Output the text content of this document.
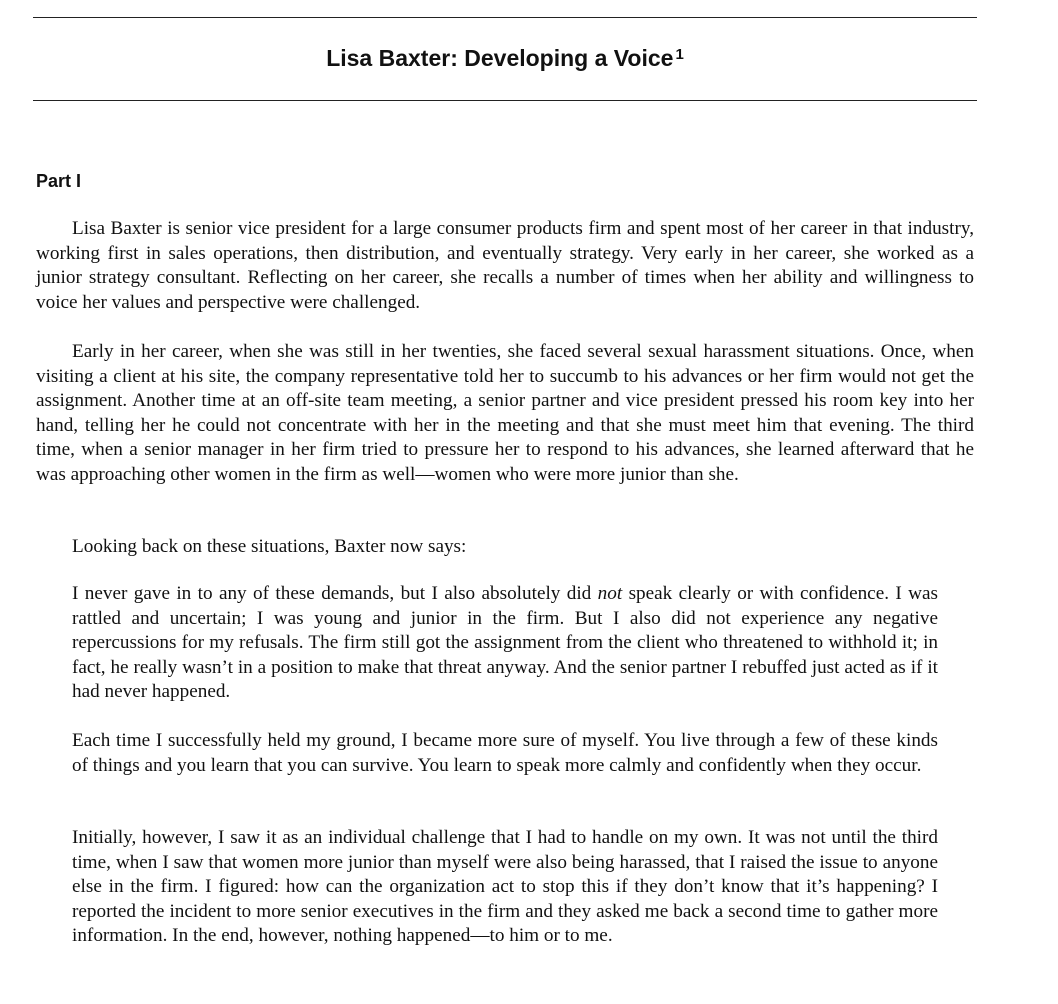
Lisa Baxter: Developing a Voice $^1$
Part I

Lisa Baxter is senior vice president for a large consumer products firm and spent most of her career in that industry, working first in sales operations, then distribution, and eventually strategy. Very early in her career, she worked as a junior strategy consultant. Reflecting on her career, she recalls a number of times when her ability and willingness to voice her values and perspective were challenged.

Early in her career, when she was still in her twenties, she faced several sexual harassment situations. Once, when visiting a client at his site, the company representative told her to succumb to his advances or her firm would not get the assignment. Another time at an off-site team meeting, a senior partner and vice president pressed his room key into her hand, telling her he could not concentrate with her in the meeting and that she must meet him that evening. The third time, when a senior manager in her firm tried to pressure her to respond to his advances, she learned afterward that he was approaching other women in the firm as well—women who were more junior than she.

Looking back on these situations, Baxter now says:

I never gave in to any of these demands, but I also absolutely did not speak clearly or with confidence. I was rattled and uncertain; I was young and junior in the firm. But I also did not experience any negative repercussions for my refusals. The firm still got the assignment from the client who threatened to withhold it; in fact, he really wasn’t in a position to make that threat anyway. And the senior partner I rebuffed just acted as if it had never happened.

Each time I successfully held my ground, I became more sure of myself. You live through a few of these kinds of things and you learn that you can survive. You learn to speak more calmly and confidently when they occur.

Initially, however, I saw it as an individual challenge that I had to handle on my own. It was not until the third time, when I saw that women more junior than myself were also being harassed, that I raised the issue to anyone else in the firm. I figured: how can the organization act to stop this if they don’t know that it’s happening? I reported the incident to more senior executives in the firm and they asked me back a second time to gather more information. In the end, however, nothing happened—to him or to me.
